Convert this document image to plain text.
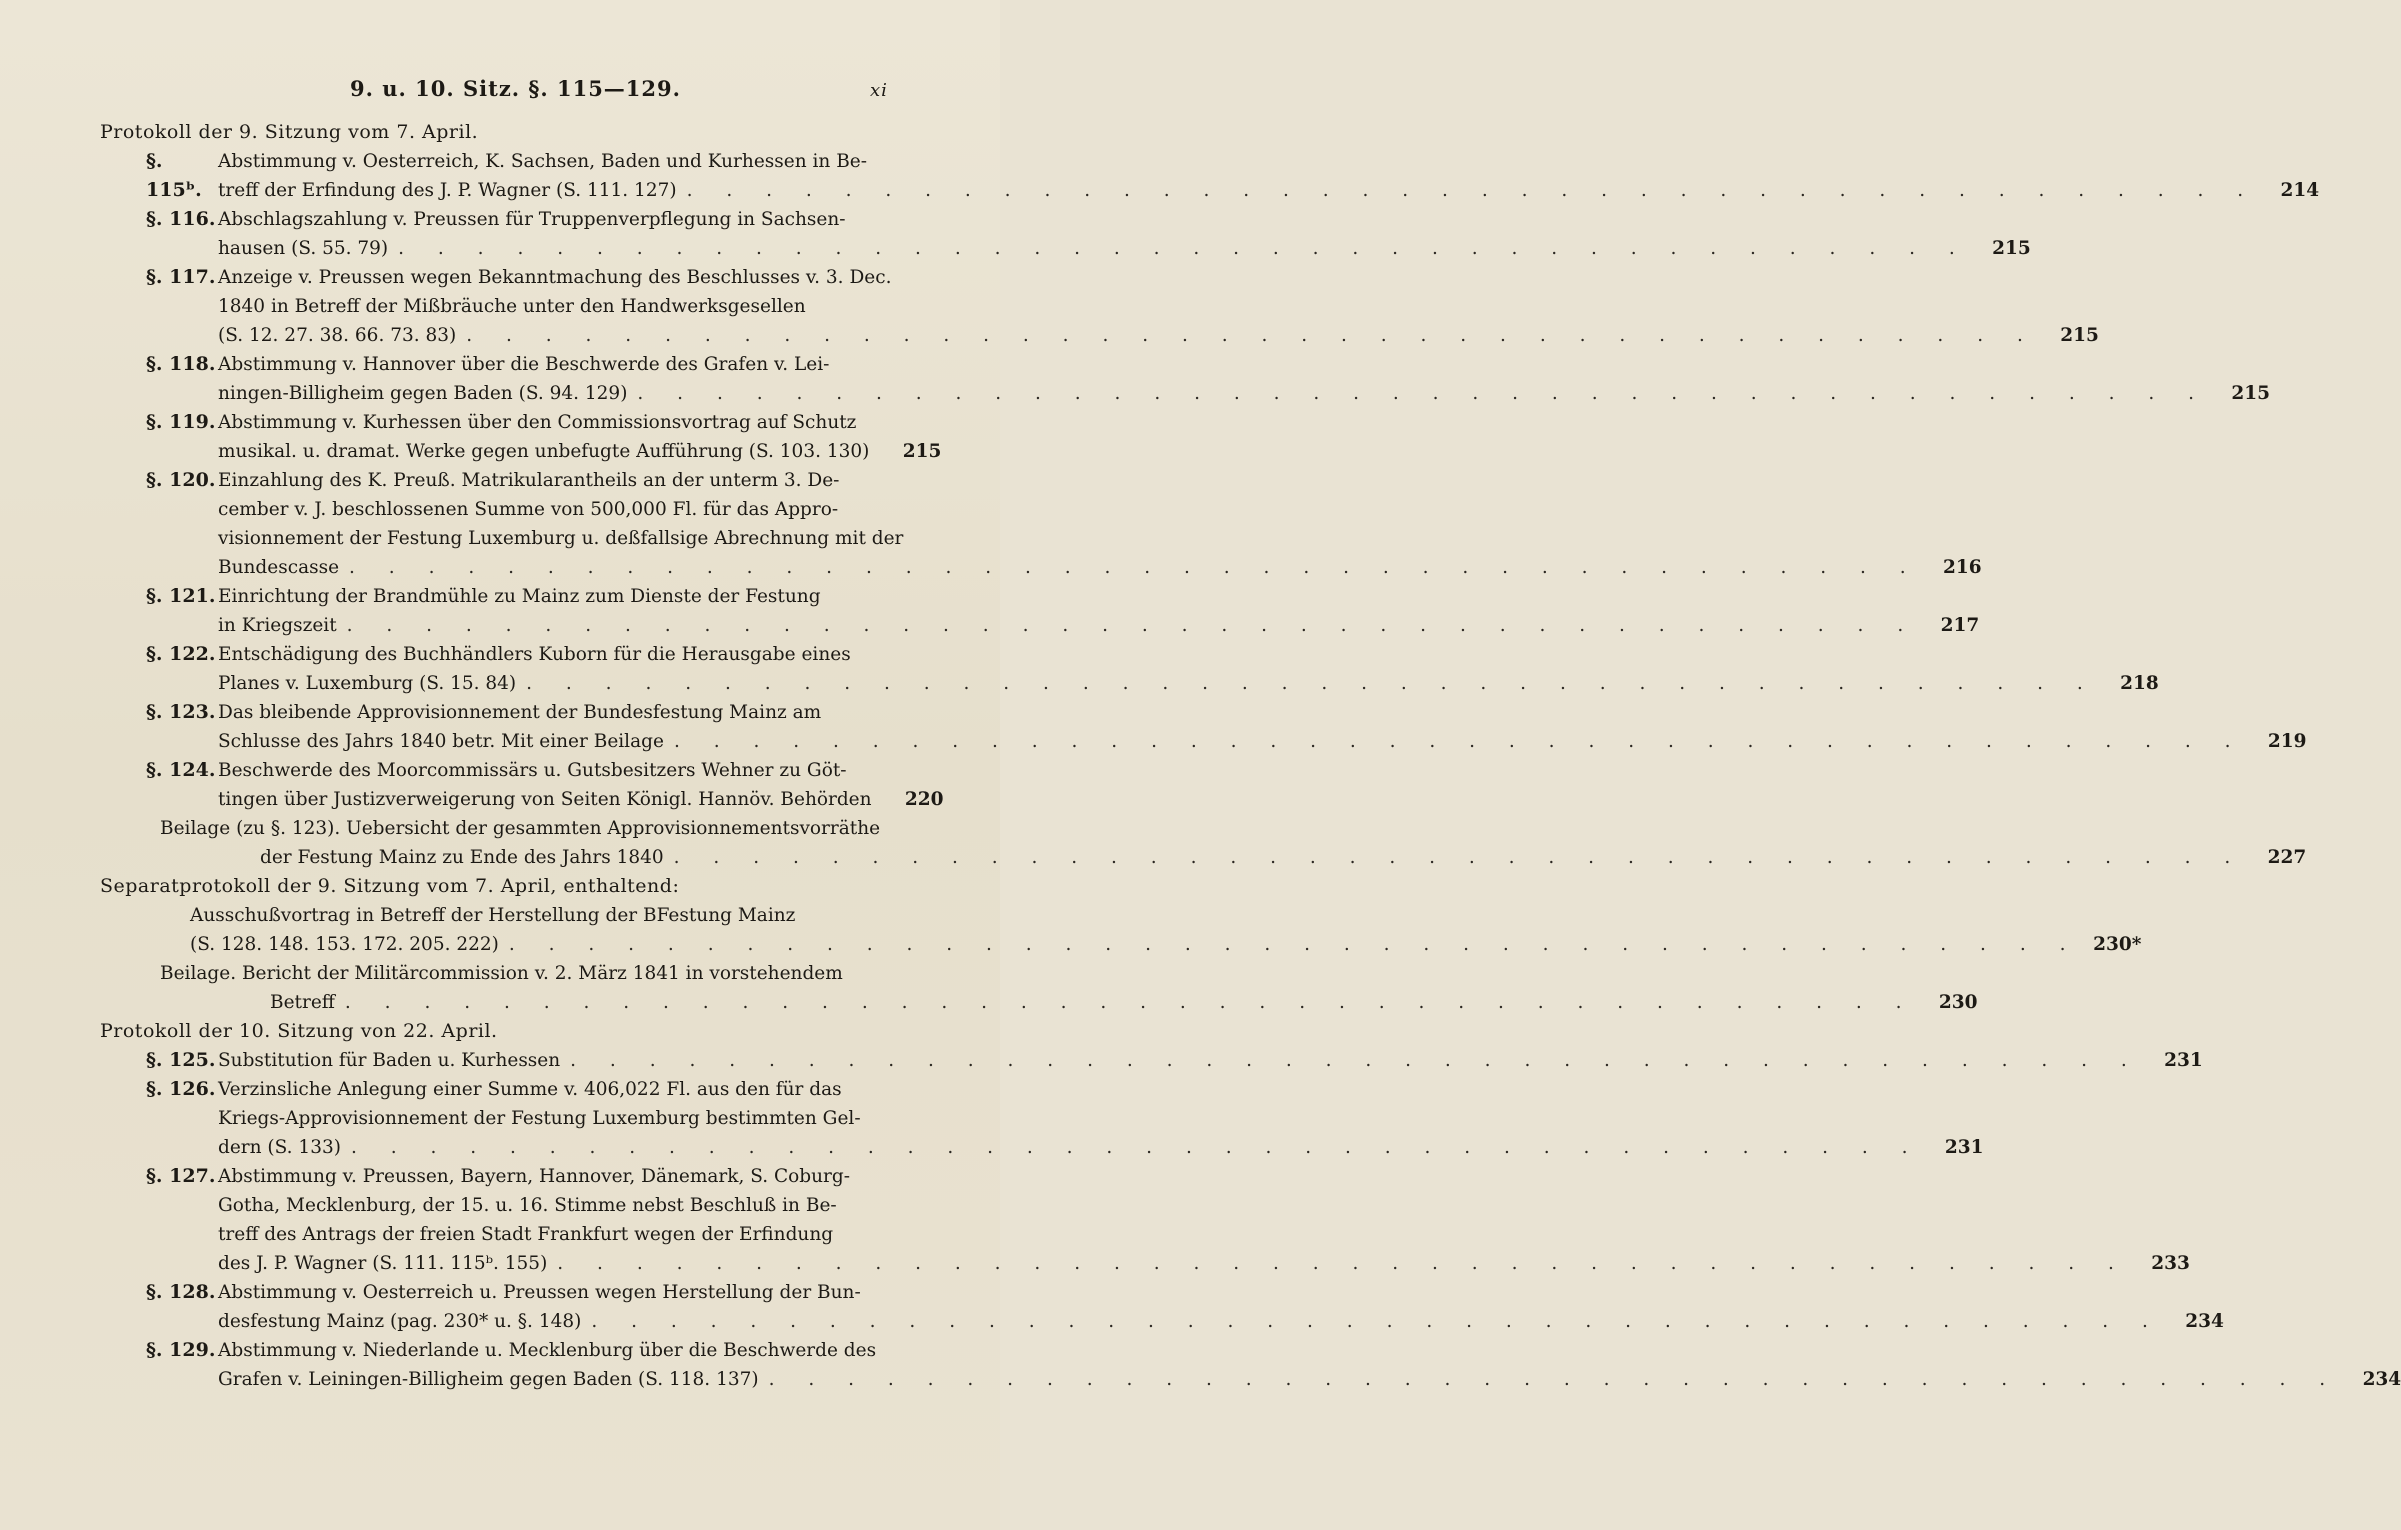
9. u. 10. Sitz. §. 115—129.	xi
Protokoll der 9. Sitzung vom 7. April.
§. 115ᵇ.
Abstimmung v. Oesterreich, K. Sachsen, Baden und Kurhessen in Be-
treff der Erfindung des J. P. Wagner (S. 111. 127) . . . . . . . . . . . . . . . . . . . . . . . . . . . . . . . . . . . . . . . .	214
§. 116. Abschlagszahlung v. Preussen für Truppenverpflegung in Sachsen-
hausen (S. 55. 79) . . . . . . . . . . . . . . . . . . . . . . . . . . . . . . . . . . . . . . . .	215
§. 117. Anzeige v. Preussen wegen Bekanntmachung des Beschlusses v. 3. Dec.
1840 in Betreff der Mißbräuche unter den Handwerksgesellen
(S. 12. 27. 38. 66. 73. 83) . . . . . . . . . . . . . . . . . . . . . . . . . . . . . . . . . . . . . . . .	215
§. 118. Abstimmung v. Hannover über die Beschwerde des Grafen v. Lei-
ningen-Billigheim gegen Baden (S. 94. 129) . . . . . . . . . . . . . . . . . . . . . . . . . . . . . . . . . . . . . . . .	215
§. 119. Abstimmung v. Kurhessen über den Commissionsvortrag auf Schutz
musikal. u. dramat. Werke gegen unbefugte Aufführung (S. 103. 130)	215
§. 120. Einzahlung des K. Preuß. Matrikularantheils an der unterm 3. De-
cember v. J. beschlossenen Summe von 500,000 Fl. für das Appro-
visionnement der Festung Luxemburg u. deßfallsige Abrechnung mit der
Bundescasse . . . . . . . . . . . . . . . . . . . . . . . . . . . . . . . . . . . . . . . .	216
§. 121. Einrichtung der Brandmühle zu Mainz zum Dienste der Festung
in Kriegszeit . . . . . . . . . . . . . . . . . . . . . . . . . . . . . . . . . . . . . . . .	217
§. 122. Entschädigung des Buchhändlers Kuborn für die Herausgabe eines
Planes v. Luxemburg (S. 15. 84) . . . . . . . . . . . . . . . . . . . . . . . . . . . . . . . . . . . . . . . .	218
§. 123. Das bleibende Approvisionnement der Bundesfestung Mainz am
Schlusse des Jahrs 1840 betr. Mit einer Beilage . . . . . . . . . . . . . . . . . . . . . . . . . . . . . . . . . . . . . . . .	219
§. 124. Beschwerde des Moorcommissärs u. Gutsbesitzers Wehner zu Göt-
tingen über Justizverweigerung von Seiten Königl. Hannöv. Behörden	220
Beilage (zu §. 123). Uebersicht der gesammten Approvisionnementsvorräthe
der Festung Mainz zu Ende des Jahrs 1840 . . . . . . . . . . . . . . . . . . . . . . . . . . . . . . . . . . . . . . . .	227
Separatprotokoll der 9. Sitzung vom 7. April, enthaltend:
Ausschußvortrag in Betreff der Herstellung der BFestung Mainz
(S. 128. 148. 153. 172. 205. 222) . . . . . . . . . . . . . . . . . . . . . . . . . . . . . . . . . . . . . . . . 230*
Beilage. Bericht der Militärcommission v. 2. März 1841 in vorstehendem
Betreff . . . . . . . . . . . . . . . . . . . . . . . . . . . . . . . . . . . . . . . .	230
Protokoll der 10. Sitzung von 22. April.
§. 125. Substitution für Baden u. Kurhessen . . . . . . . . . . . . . . . . . . . . . . . . . . . . . . . . . . . . . . . .	231
§. 126. Verzinsliche Anlegung einer Summe v. 406,022 Fl. aus den für das
Kriegs-Approvisionnement der Festung Luxemburg bestimmten Gel-
dern (S. 133) . . . . . . . . . . . . . . . . . . . . . . . . . . . . . . . . . . . . . . . .	231
§. 127. Abstimmung v. Preussen, Bayern, Hannover, Dänemark, S. Coburg-
Gotha, Mecklenburg, der 15. u. 16. Stimme nebst Beschluß in Be-
treff des Antrags der freien Stadt Frankfurt wegen der Erfindung
des J. P. Wagner (S. 111. 115ᵇ. 155) . . . . . . . . . . . . . . . . . . . . . . . . . . . . . . . . . . . . . . . .	233
§. 128. Abstimmung v. Oesterreich u. Preussen wegen Herstellung der Bun-
desfestung Mainz (pag. 230* u. §. 148) . . . . . . . . . . . . . . . . . . . . . . . . . . . . . . . . . . . . . . . .	234
§. 129. Abstimmung v. Niederlande u. Mecklenburg über die Beschwerde des
Grafen v. Leiningen-Billigheim gegen Baden (S. 118. 137) . . . . . . . . . . . . . . . . . . . . . . . . . . . . . . . . . . . . . . . .	234
